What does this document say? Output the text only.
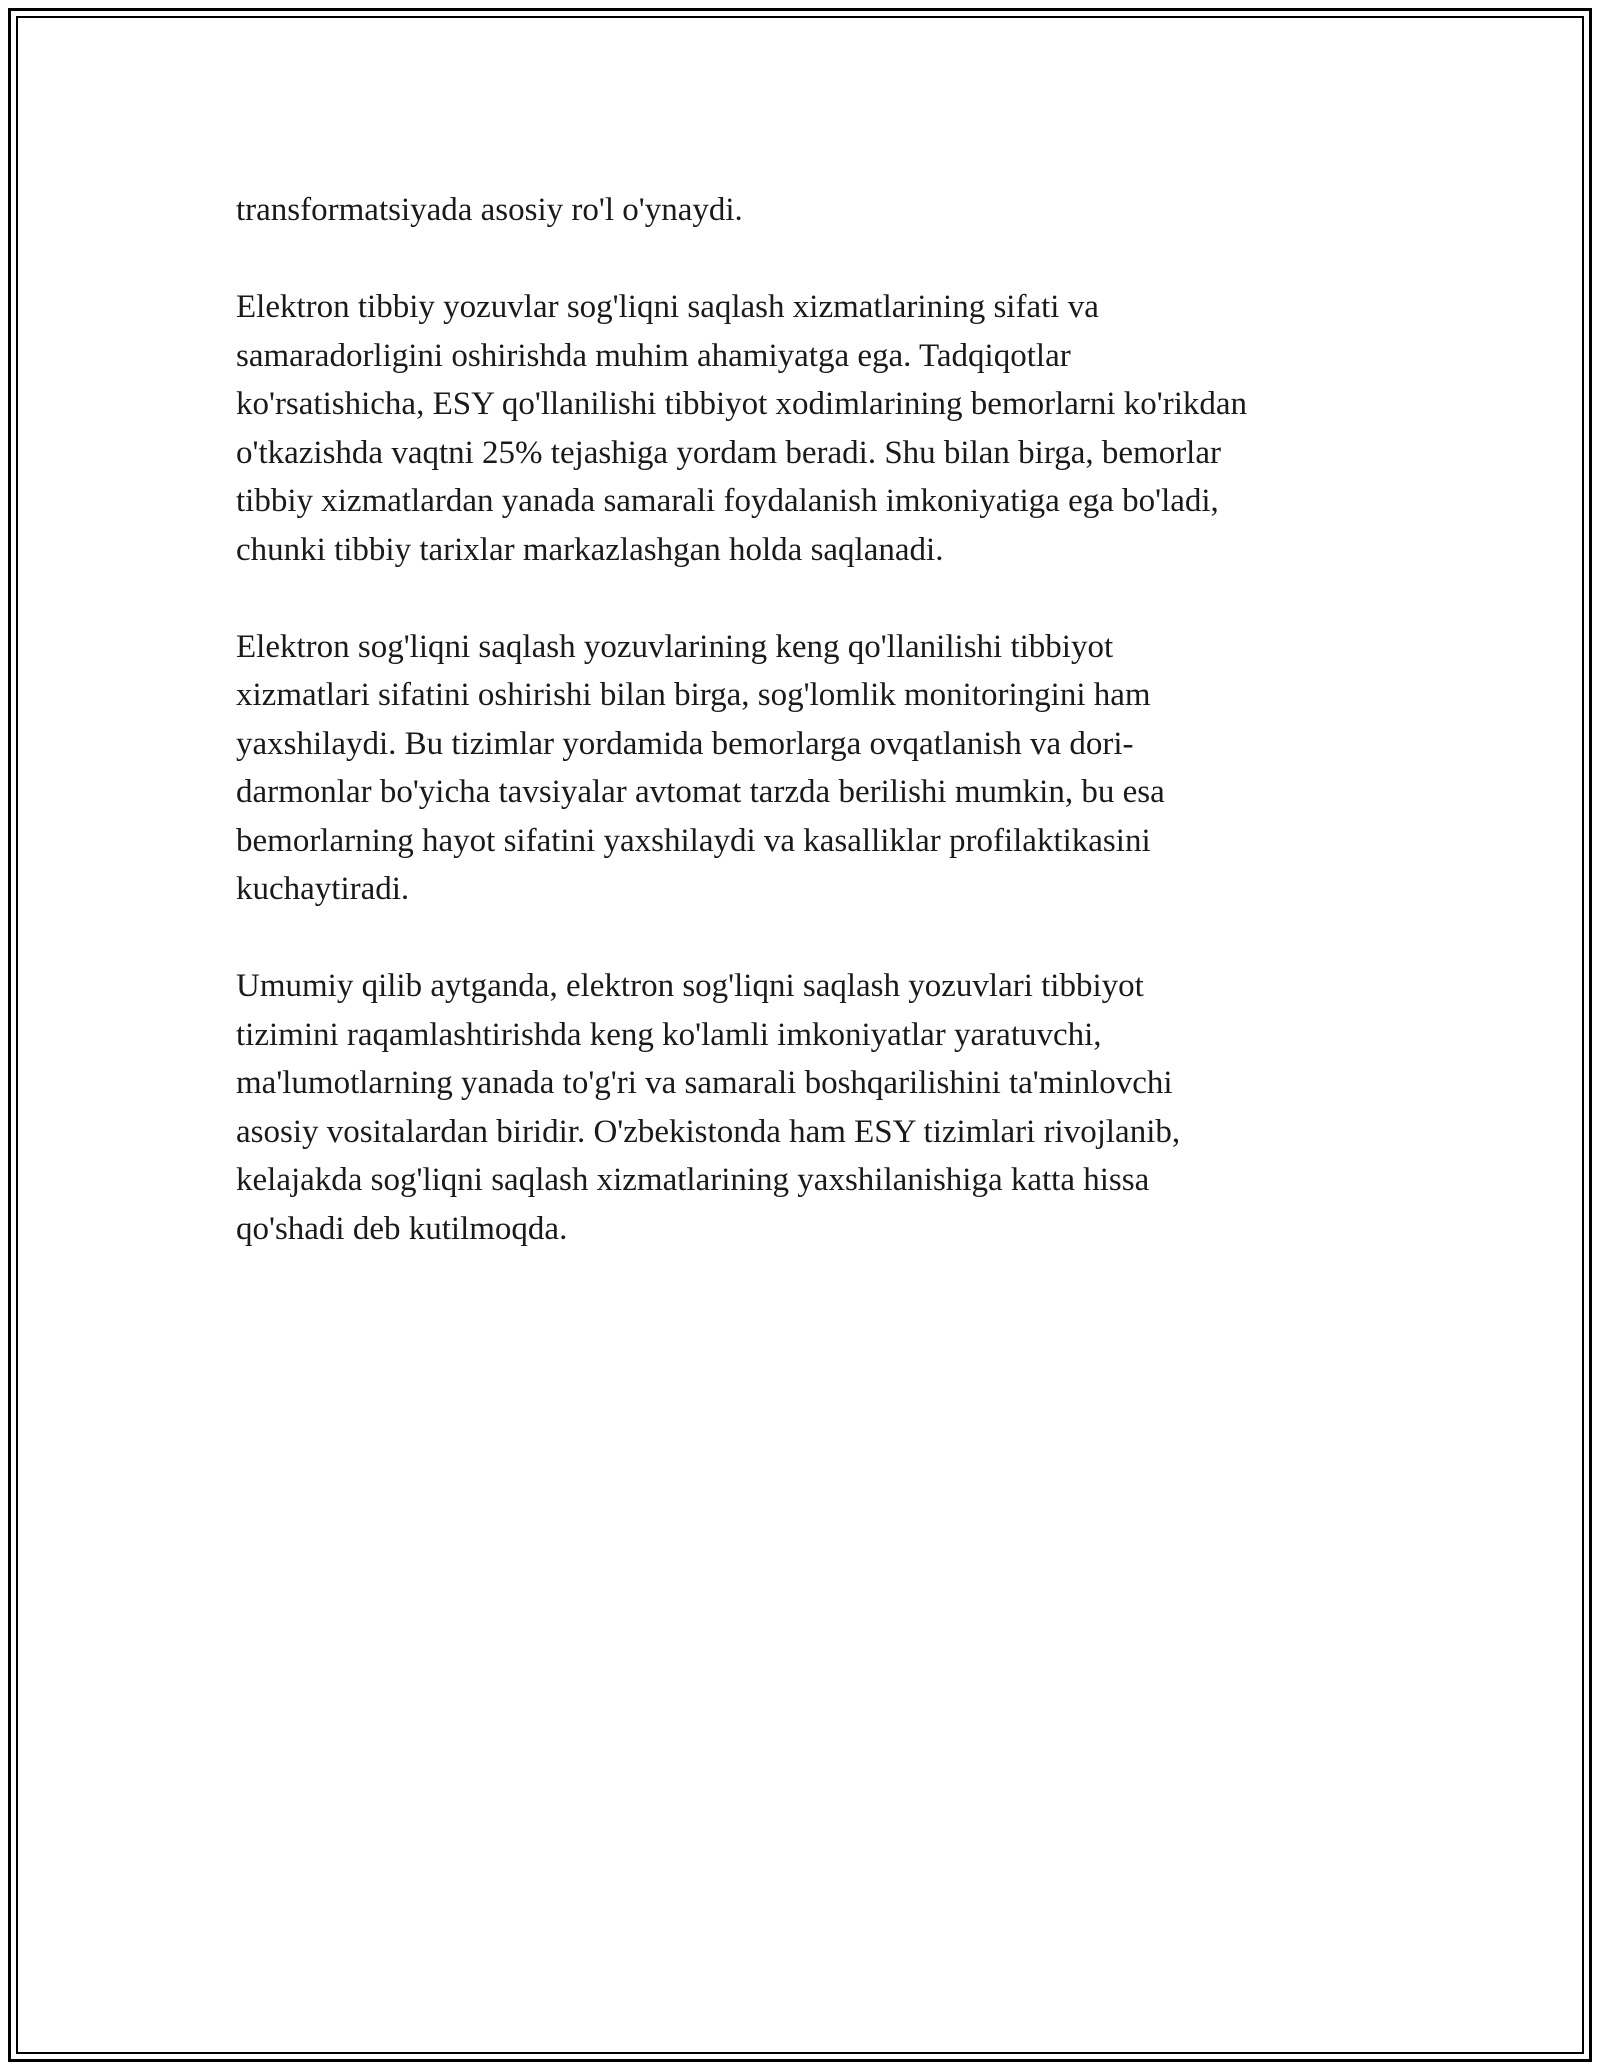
transformatsiyada asosiy ro'l o'ynaydi.

Elektron tibbiy yozuvlar sog'liqni saqlash xizmatlarining sifati va
samaradorligini oshirishda muhim ahamiyatga ega. Tadqiqotlar
ko'rsatishicha, ESY qo'llanilishi tibbiyot xodimlarining bemorlarni ko'rikdan
o'tkazishda vaqtni 25% tejashiga yordam beradi. Shu bilan birga, bemorlar
tibbiy xizmatlardan yanada samarali foydalanish imkoniyatiga ega bo'ladi,
chunki tibbiy tarixlar markazlashgan holda saqlanadi.

Elektron sog'liqni saqlash yozuvlarining keng qo'llanilishi tibbiyot
xizmatlari sifatini oshirishi bilan birga, sog'lomlik monitoringini ham
yaxshilaydi. Bu tizimlar yordamida bemorlarga ovqatlanish va dori-
darmonlar bo'yicha tavsiyalar avtomat tarzda berilishi mumkin, bu esa
bemorlarning hayot sifatini yaxshilaydi va kasalliklar profilaktikasini
kuchaytiradi.

Umumiy qilib aytganda, elektron sog'liqni saqlash yozuvlari tibbiyot
tizimini raqamlashtirishda keng ko'lamli imkoniyatlar yaratuvchi,
ma'lumotlarning yanada to'g'ri va samarali boshqarilishini ta'minlovchi
asosiy vositalardan biridir. O'zbekistonda ham ESY tizimlari rivojlanib,
kelajakda sog'liqni saqlash xizmatlarining yaxshilanishiga katta hissa
qo'shadi deb kutilmoqda.
